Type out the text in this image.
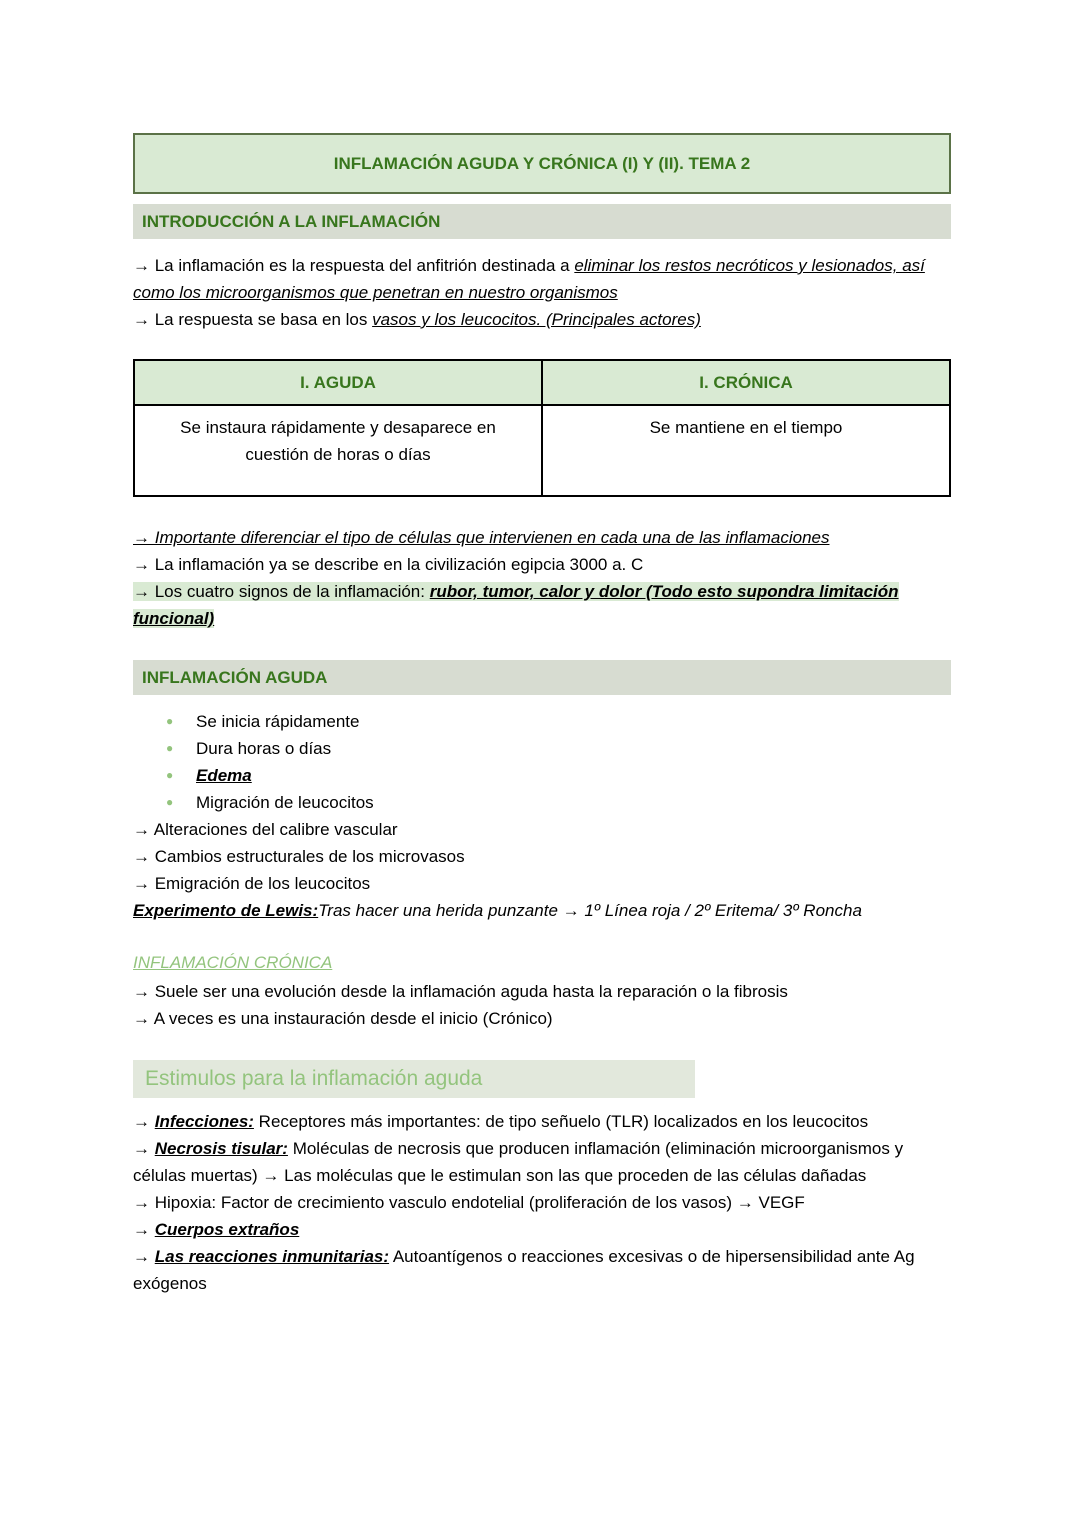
INFLAMACIÓN AGUDA Y CRÓNICA (I) Y (II). TEMA 2
INTRODUCCIÓN A LA INFLAMACIÓN

→ La inflamación es la respuesta del anfitrión destinada a eliminar los restos necróticos y lesionados, así como los microorganismos que penetran en nuestro organismos

→ La respuesta se basa en los vasos y los leucocitos. (Principales actores)

I. AGUDA	I. CRÓNICA
Se instaura rápidamente y desaparece en cuestión de horas o días	Se mantiene en el tiempo

→ Importante diferenciar el tipo de células que intervienen en cada una de las inflamaciones

→ La inflamación ya se describe en la civilización egipcia 3000 a. C

→ Los cuatro signos de la inflamación: rubor, tumor, calor y dolor (Todo esto supondra limitación funcional)

INFLAMACIÓN AGUDA
● Se inicia rápidamente
● Dura horas o días
● Edema
● Migración de leucocitos

→ Alteraciones del calibre vascular

→ Cambios estructurales de los microvasos

→ Emigración de los leucocitos

Experimento de Lewis:Tras hacer una herida punzante → 1º Línea roja / 2º Eritema/ 3º Roncha

INFLAMACIÓN CRÓNICA

→ Suele ser una evolución desde la inflamación aguda hasta la reparación o la fibrosis

→ A veces es una instauración desde el inicio (Crónico)

Estimulos para la inflamación aguda

→ Infecciones: Receptores más importantes: de tipo señuelo (TLR) localizados en los leucocitos

→ Necrosis tisular: Moléculas de necrosis que producen inflamación (eliminación microorganismos y células muertas) → Las moléculas que le estimulan son las que proceden de las células dañadas

→ Hipoxia: Factor de crecimiento vasculo endotelial (proliferación de los vasos) → VEGF

→ Cuerpos extraños

→ Las reacciones inmunitarias: Autoantígenos o reacciones excesivas o de hipersensibilidad ante Ag exógenos
